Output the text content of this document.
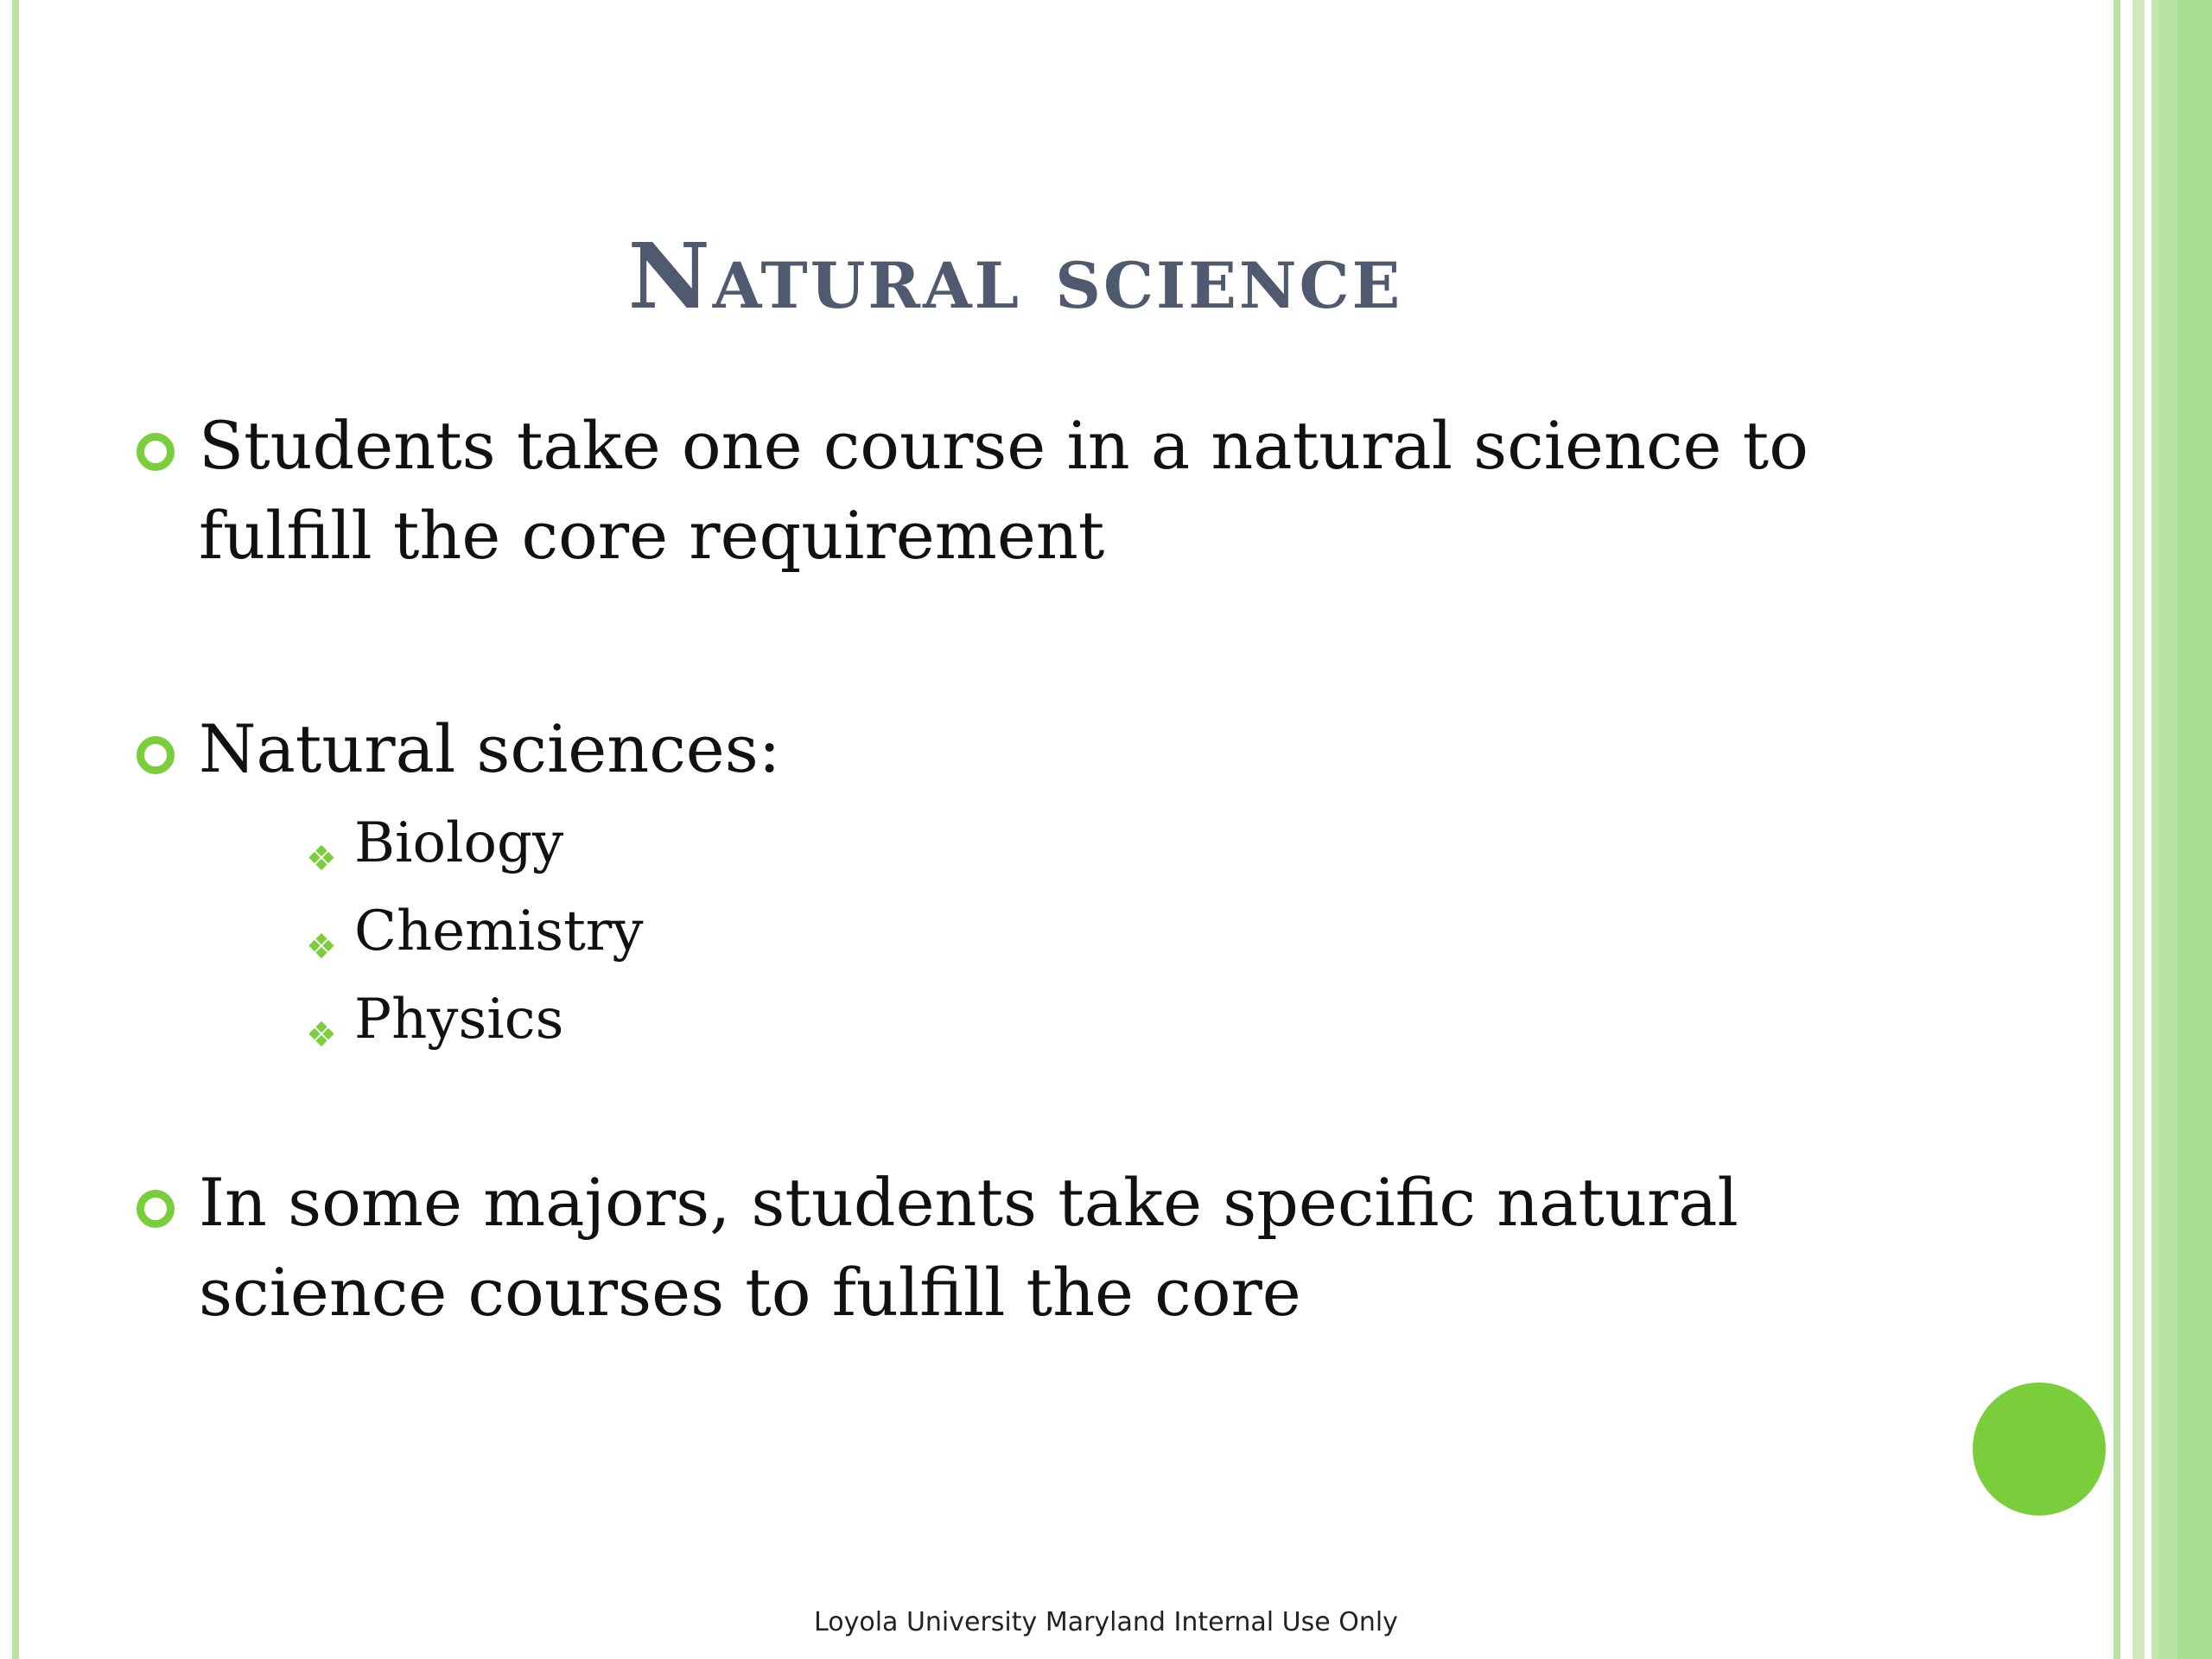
Natural science
Students take one course in a natural science to fulfill the core requirement
Natural sciences:
❖ Biology
❖ Chemistry
❖ Physics
In some majors, students take specific natural science courses to fulfill the core
Loyola University Maryland Internal Use Only
